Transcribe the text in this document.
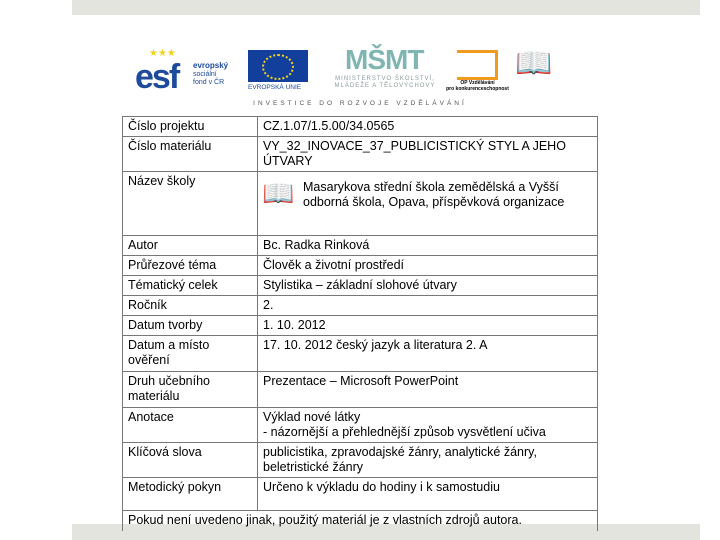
★★★
esf evropský
sociální
fond v ČR
EVROPSKÁ UNIE
MŠMT
MINISTERSTVO ŠKOLSTVÍ,
MLÁDEŽE A TĚLOVÝCHOVY	OP Vzdělávání
pro konkurenceschopnost
📖
INVESTICE DO ROZVOJE VZDĚLÁVÁNÍ
Číslo projektu	CZ.1.07/1.5.00/34.0565
Číslo materiálu	VY_32_INOVACE_37_PUBLICISTICKÝ STYL A JEHO ÚTVARY
Název školy	📖 Masarykova střední škola zemědělská a Vyšší
odborná škola, Opava, příspěvková organizace

Autor	Bc. Radka Rinková
Průřezové téma	Člověk a životní prostředí
Tématický celek	Stylistika – základní slohové útvary
Ročník	2.
Datum tvorby	1. 10. 2012
Datum a místo ověření	17. 10. 2012 český jazyk a literatura 2. A
Druh učebního materiálu	Prezentace – Microsoft PowerPoint
Anotace	Výklad nové látky
- názornější a přehlednější způsob vysvětlení učiva
Klíčová slova	publicistika, zpravodajské žánry, analytické žánry,
beletristické žánry
Metodický pokyn	Určeno k výkladu do hodiny i k samostudiu
Pokud není uvedeno jinak, použitý materiál je z vlastních zdrojů autora.	
